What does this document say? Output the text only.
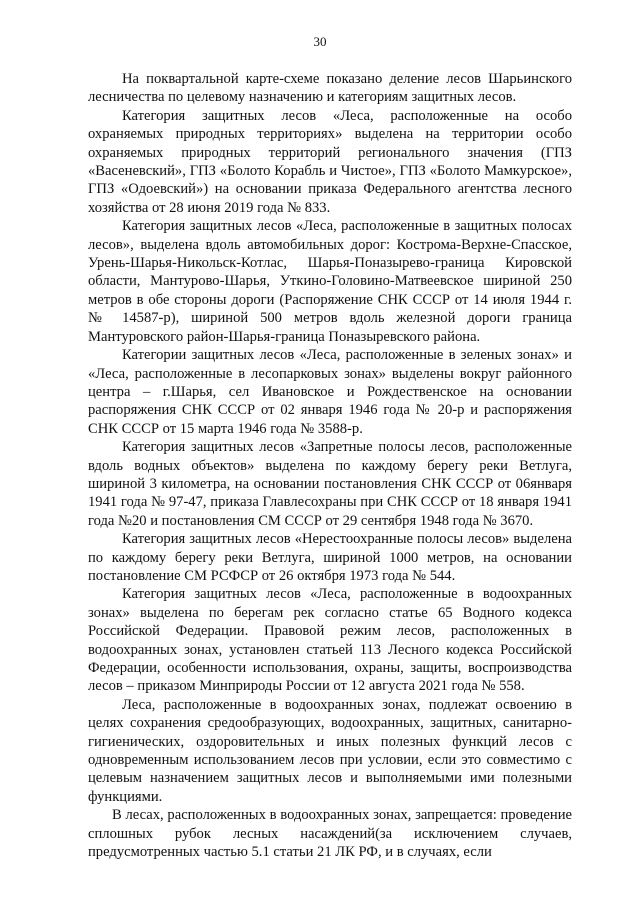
30

На поквартальной карте-схеме показано деление лесов Шарьинского лесничества по целевому назначению и категориям защитных лесов.

Категория защитных лесов «Леса, расположенные на особо охраняемых природных территориях» выделена на территории особо охраняемых природных территорий регионального значения (ГПЗ «Васеневский», ГПЗ «Болото Корабль и Чистое», ГПЗ «Болото Мамкурское», ГПЗ «Одоевский») на основании приказа Федерального агентства лесного хозяйства от 28 июня 2019 года № 833.

Категория защитных лесов «Леса, расположенные в защитных полосах лесов», выделена вдоль автомобильных дорог: Кострома-Верхне-Спасское, Урень-Шарья-Никольск-Котлас, Шарья-Поназырево-граница Кировской области, Мантурово-Шарья, Уткино-Головино-Матвеевское шириной 250 метров в обе стороны дороги (Распоряжение СНК СССР от 14 июля 1944 г. № 14587-р), шириной 500 метров вдоль железной дороги граница Мантуровского район-Шарья-граница Поназыревского района.

Категории защитных лесов «Леса, расположенные в зеленых зонах» и «Леса, расположенные в лесопарковых зонах» выделены вокруг районного центра – г.Шарья, сел Ивановское и Рождественское на основании распоряжения СНК СССР от 02 января 1946 года № 20-р и распоряжения СНК СССР от 15 марта 1946 года № 3588-р.

Категория защитных лесов «Запретные полосы лесов, расположенные вдоль водных объектов» выделена по каждому берегу реки Ветлуга, шириной 3 километра, на основании постановления СНК СССР от 06января 1941 года № 97-47, приказа Главлесохраны при СНК СССР от 18 января 1941 года №20 и постановления СМ СССР от 29 сентября 1948 года № 3670.

Категория защитных лесов «Нерестоохранные полосы лесов» выделена по каждому берегу реки Ветлуга, шириной 1000 метров, на основании постановление СМ РСФСР от 26 октября 1973 года № 544.

Категория защитных лесов «Леса, расположенные в водоохранных зонах» выделена по берегам рек согласно статье 65 Водного кодекса Российской Федерации. Правовой режим лесов, расположенных в водоохранных зонах, установлен статьей 113 Лесного кодекса Российской Федерации, особенности использования, охраны, защиты, воспроизводства лесов – приказом Минприроды России от 12 августа 2021 года № 558.

Леса, расположенные в водоохранных зонах, подлежат освоению в целях сохранения средообразующих, водоохранных, защитных, санитарно-гигиенических, оздоровительных и иных полезных функций лесов с одновременным использованием лесов при условии, если это совместимо с целевым назначением защитных лесов и выполняемыми ими полезными функциями.

В лесах, расположенных в водоохранных зонах, запрещается: проведение сплошных рубок лесных насаждений(за исключением случаев, предусмотренных частью 5.1 статьи 21 ЛК РФ, и в случаях, если
